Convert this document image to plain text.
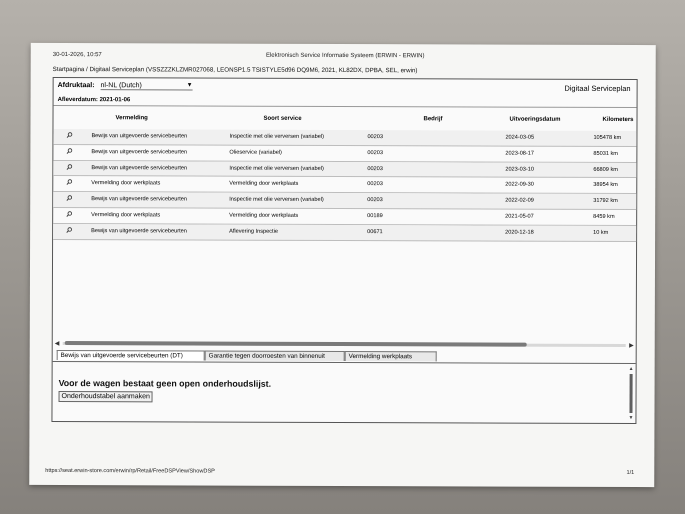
30-01-2026, 10:57	Elektronisch Service Informatie Systeem (ERWIN - ERWIN)
Startpagina / Digitaal Serviceplan (VSSZZZKLZMR027068, LEONSP1.5 TSISTYLE5d96 DQ9M6, 2021, KL82DX, DPBA, SEL, erwin)
Afdruktaal: nl-NL (Dutch)	▼	Digitaal Serviceplan
Afleverdatum: 2021-01-06
Vermelding	Soort service	Bedrijf	Uitvoeringsdatum	Kilometers
Bewijs van uitgevoerde servicebeurten	Inspectie met olie verversen (variabel)	00203	2024-03-05	105478 km
Bewijs van uitgevoerde servicebeurten	Olieservice (variabel)	00203	2023-08-17	85031 km
Bewijs van uitgevoerde servicebeurten	Inspectie met olie verversen (variabel)	00203	2023-03-10	66809 km
Vermelding door werkplaats	Vermelding door werkplaats	00203	2022-09-30	38954 km
Bewijs van uitgevoerde servicebeurten	Inspectie met olie verversen (variabel)	00203	2022-02-09	31792 km
Vermelding door werkplaats	Vermelding door werkplaats	00189	2021-05-07	8459 km
Bewijs van uitgevoerde servicebeurten	Aflevering Inspectie	00671	2020-12-18	10 km
◀	▶
Bewijs van uitgevoerde servicebeurten (DT)	Garantie tegen doorroesten van binnenuit	Vermelding werkplaats
Voor de wagen bestaat geen open onderhoudslijst.
Onderhoudstabel aanmaken
▲
▼
https://seat.erwin-store.com/erwin/rp/Retail/FreeDSPView/ShowDSP	1/1
